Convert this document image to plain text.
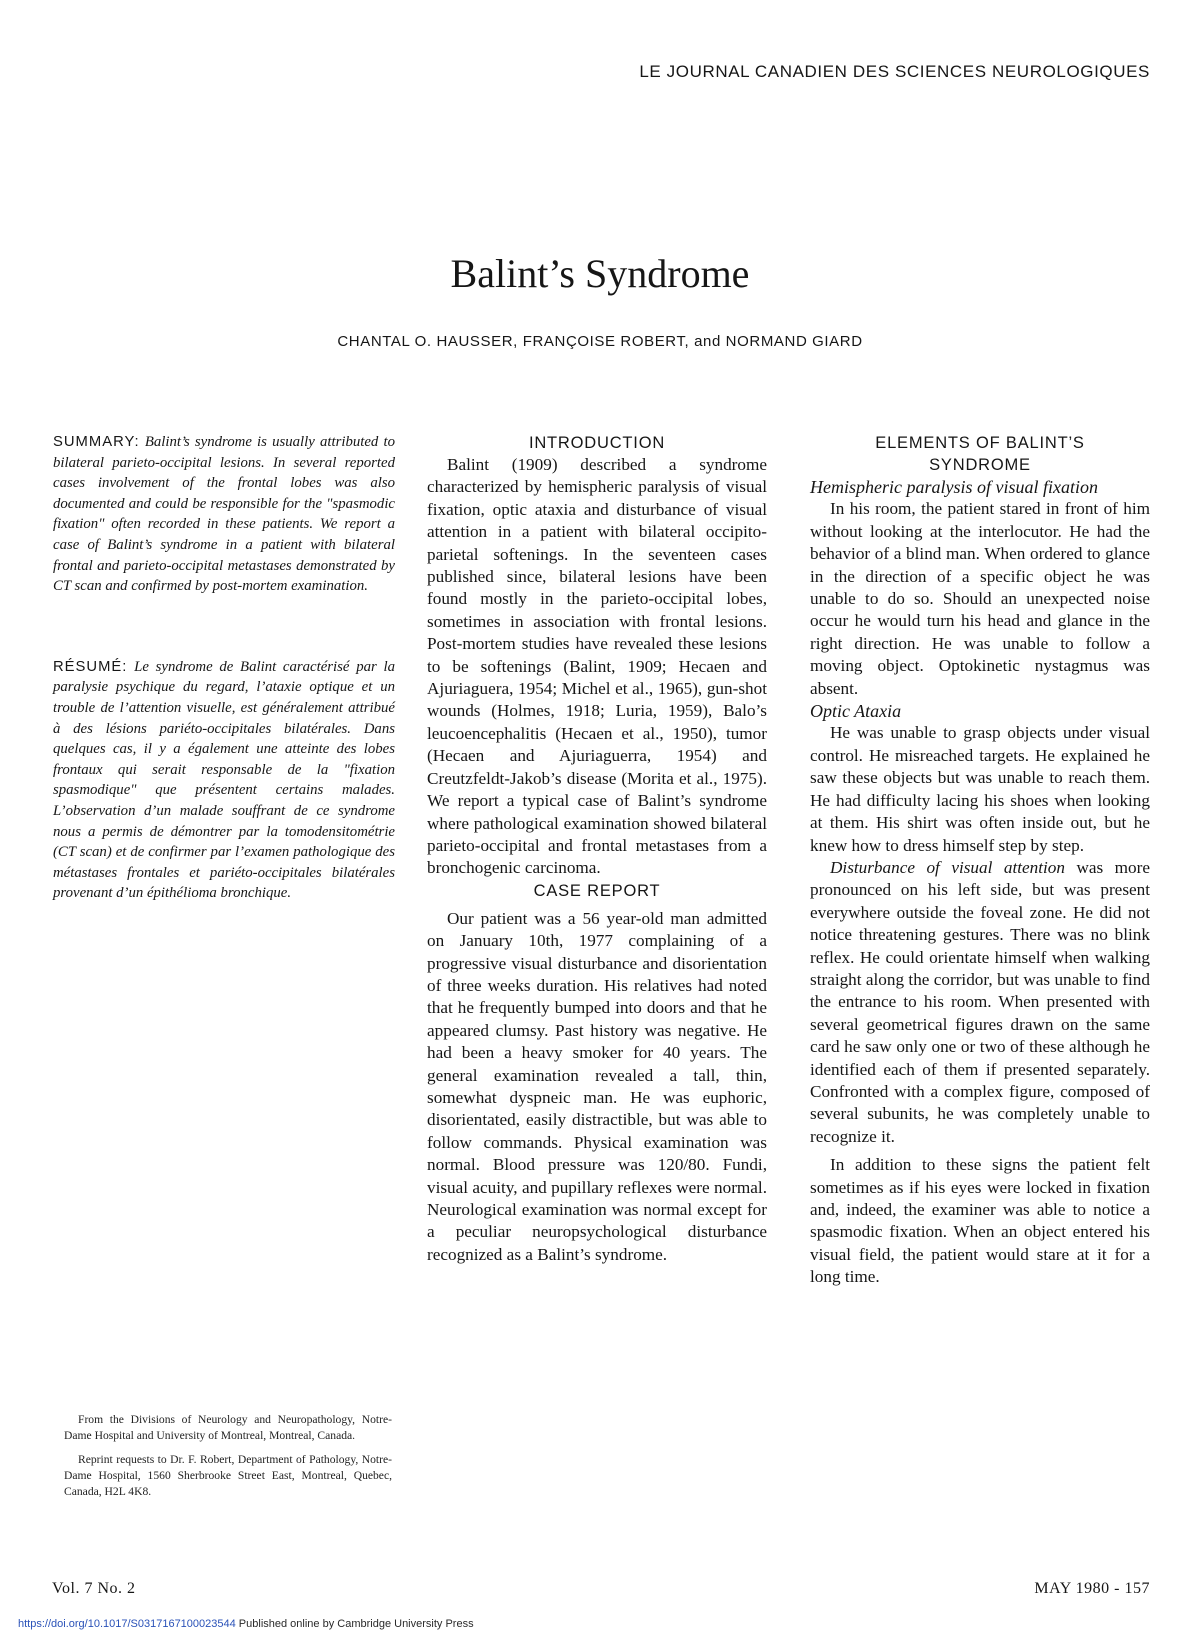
LE JOURNAL CANADIEN DES SCIENCES NEUROLOGIQUES
Balint’s Syndrome
CHANTAL O. HAUSSER, FRANÇOISE ROBERT, and NORMAND GIARD

SUMMARY: Balint’s syndrome is usually attributed to bilateral parieto-occipital lesions. In several reported cases involvement of the frontal lobes was also documented and could be responsible for the "spasmodic fixation" often recorded in these patients. We report a case of Balint’s syndrome in a patient with bilateral frontal and parieto-occipital metastases demonstrated by CT scan and confirmed by post-mortem examination.

RÉSUMÉ: Le syndrome de Balint caractérisé par la paralysie psychique du regard, l’ataxie optique et un trouble de l’attention visuelle, est généralement attribué à des lésions pariéto-occipitales bilatérales. Dans quelques cas, il y a également une atteinte des lobes frontaux qui serait responsable de la "fixation spasmodique" que présentent certains malades. L’observation d’un malade souffrant de ce syndrome nous a permis de démontrer par la tomodensitométrie (CT scan) et de confirmer par l’examen pathologique des métastases frontales et pariéto-occipitales bilatérales provenant d’un épithélioma bronchique.

From the Divisions of Neurology and Neuropathology, Notre-Dame Hospital and University of Montreal, Montreal, Canada.

Reprint requests to Dr. F. Robert, Department of Pathology, Notre-Dame Hospital, 1560 Sherbrooke Street East, Montreal, Quebec, Canada, H2L 4K8.

INTRODUCTION

Balint (1909) described a syndrome characterized by hemispheric paralysis of visual fixation, optic ataxia and disturbance of visual attention in a patient with bilateral occipito-parietal softenings. In the seventeen cases published since, bilateral lesions have been found mostly in the parieto-occipital lobes, sometimes in association with frontal lesions. Post-mortem studies have revealed these lesions to be softenings (Balint, 1909; Hecaen and Ajuriaguera, 1954; Michel et al., 1965), gun-shot wounds (Holmes, 1918; Luria, 1959), Balo’s leucoencephalitis (Hecaen et al., 1950), tumor (Hecaen and Ajuriaguerra, 1954) and Creutzfeldt-Jakob’s disease (Morita et al., 1975). We report a typical case of Balint’s syndrome where pathological examination showed bilateral parieto-occipital and frontal metastases from a bronchogenic carcinoma.

CASE REPORT

Our patient was a 56 year-old man admitted on January 10th, 1977 complaining of a progressive visual disturbance and disorientation of three weeks duration. His relatives had noted that he frequently bumped into doors and that he appeared clumsy. Past history was negative. He had been a heavy smoker for 40 years. The general examination revealed a tall, thin, somewhat dyspneic man. He was euphoric, disorientated, easily distractible, but was able to follow commands. Physical examination was normal. Blood pressure was 120/80. Fundi, visual acuity, and pupillary reflexes were normal. Neurological examination was normal except for a peculiar neuropsychological disturbance recognized as a Balint’s syndrome.

ELEMENTS OF BALINT’S
SYNDROME
Hemispheric paralysis of visual fixation

In his room, the patient stared in front of him without looking at the interlocutor. He had the behavior of a blind man. When ordered to glance in the direction of a specific object he was unable to do so. Should an unexpected noise occur he would turn his head and glance in the right direction. He was unable to follow a moving object. Optokinetic nystagmus was absent.

Optic Ataxia

He was unable to grasp objects under visual control. He misreached targets. He explained he saw these objects but was unable to reach them. He had difficulty lacing his shoes when looking at them. His shirt was often inside out, but he knew how to dress himself step by step.

Disturbance of visual attention was more pronounced on his left side, but was present everywhere outside the foveal zone. He did not notice threatening gestures. There was no blink reflex. He could orientate himself when walking straight along the corridor, but was unable to find the entrance to his room. When presented with several geometrical figures drawn on the same card he saw only one or two of these although he identified each of them if presented separately. Confronted with a complex figure, composed of several subunits, he was completely unable to recognize it.

In addition to these signs the patient felt sometimes as if his eyes were locked in fixation and, indeed, the examiner was able to notice a spasmodic fixation. When an object entered his visual field, the patient would stare at it for a long time.

Vol. 7 No. 2	MAY 1980 - 157
https://doi.org/10.1017/S0317167100023544 Published online by Cambridge University Press
